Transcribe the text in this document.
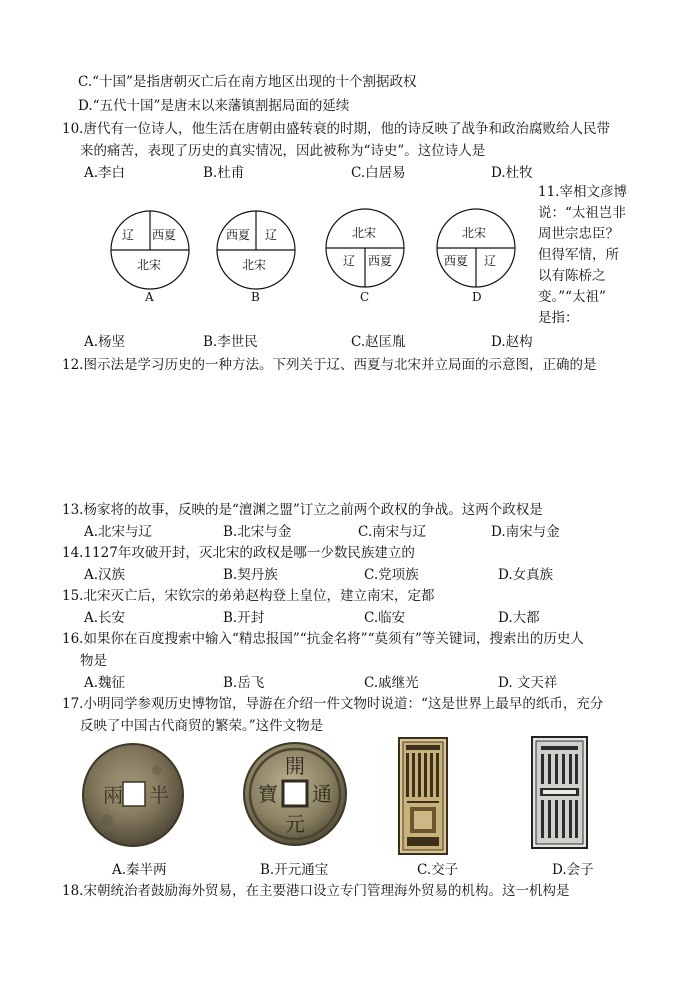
C.“十国”是指唐朝灭亡后在南方地区出现的十个割据政权
D.“五代十国”是唐末以来藩镇割据局面的延续
10.唐代有一位诗人，他生活在唐朝由盛转衰的时期，他的诗反映了战争和政治腐败给人民带
来的痛苦，表现了历史的真实情况，因此被称为“诗史”。这位诗人是
A.李白	B.杜甫	C.白居易	D.杜牧
11.宰相文彦博
说：“太祖岂非
周世宗忠臣？
但得军情，所
以有陈桥之
变。”“太祖”
是指：
辽 西夏
北宋
A
西夏 辽
北宋
B
北宋
辽 西夏
C
北宋
西夏 辽
D
A.杨坚	B.李世民	C.赵匡胤	D.赵构
12.图示法是学习历史的一种方法。下列关于辽、西夏与北宋并立局面的示意图，正确的是
13.杨家将的故事，反映的是“澶渊之盟”订立之前两个政权的争战。这两个政权是
A.北宋与辽	B.北宋与金	C.南宋与辽	D.南宋与金
14.1127年攻破开封，灭北宋的政权是哪一少数民族建立的
A.汉族	B.契丹族	C.党项族	D.女真族
15.北宋灭亡后，宋钦宗的弟弟赵构登上皇位，建立南宋，定都
A.长安	B.开封	C.临安	D.大都
16.如果你在百度搜索中输入“精忠报国”“抗金名将”“莫须有”等关键词，搜索出的历史人
物是
A.魏征	B.岳飞	C.戚继光	D. 文天祥
17.小明同学参观历史博物馆，导游在介绍一件文物时说道：“这是世界上最早的纸币，充分
反映了中国古代商贸的繁荣。”这件文物是
兩 半
開
通
元
寶
A.秦半两	B.开元通宝	C.交子	D.会子
18.宋朝统治者鼓励海外贸易，在主要港口设立专门管理海外贸易的机构。这一机构是
